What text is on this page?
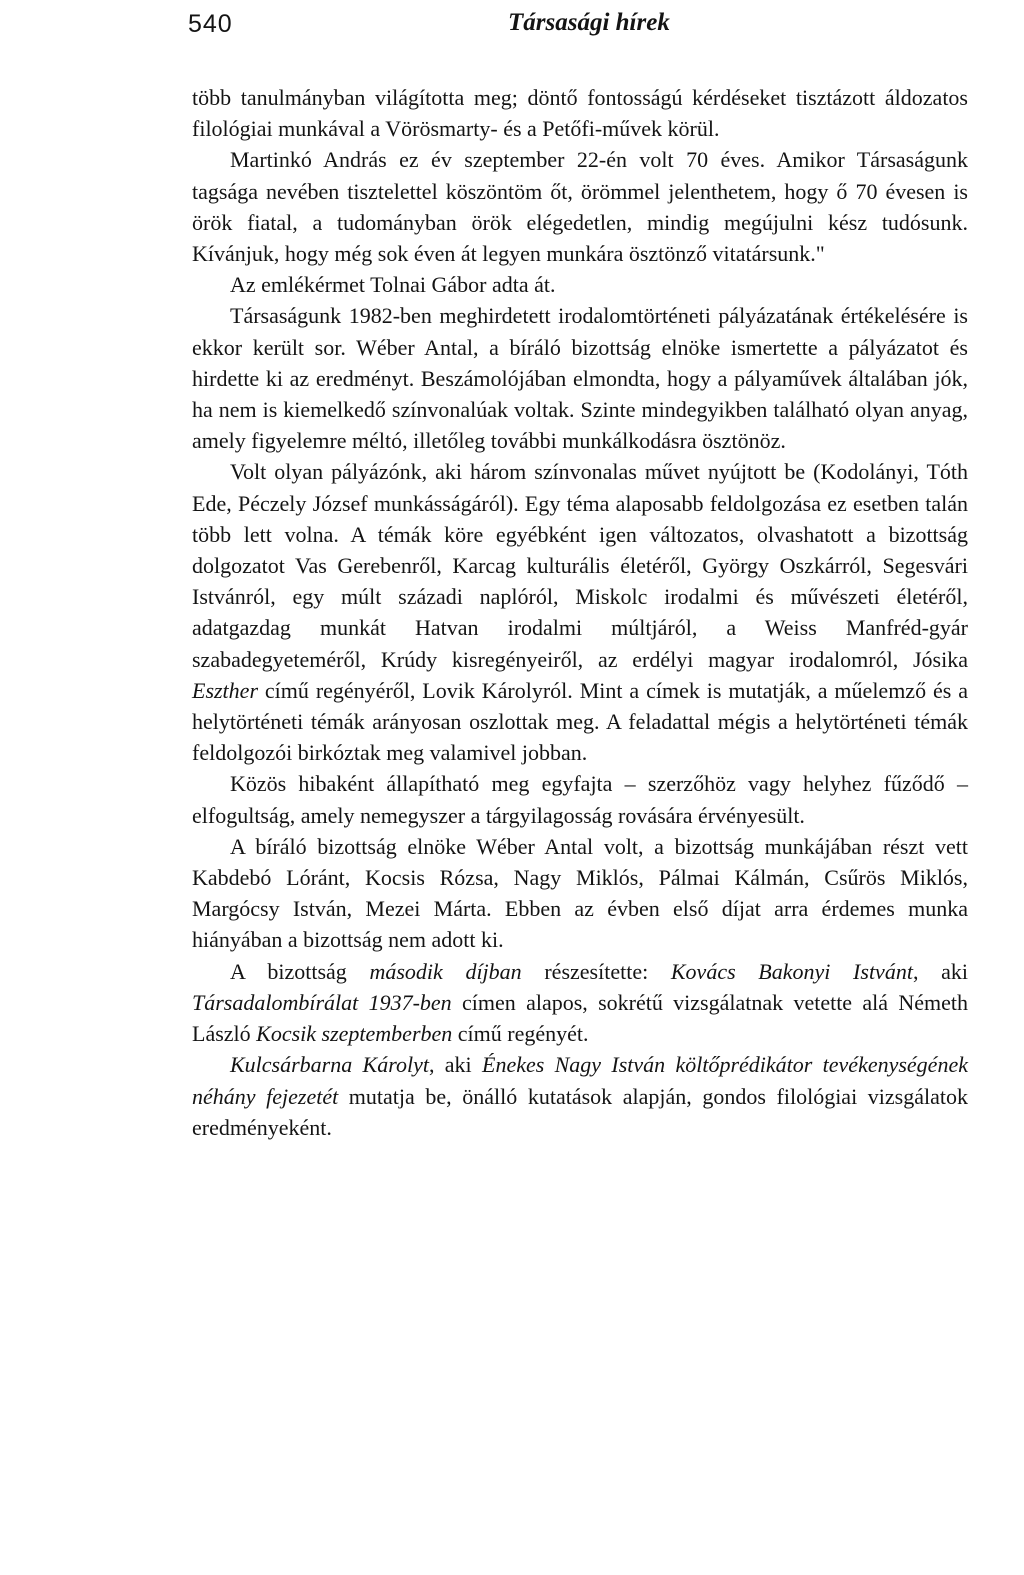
540	Társasági hírek

több tanulmányban világította meg; döntő fontosságú kérdéseket tisztázott áldozatos filológiai munkával a Vörösmarty- és a Petőfi-művek körül.

Martinkó András ez év szeptember 22-én volt 70 éves. Amikor Társaságunk tagsága nevében tisztelettel köszöntöm őt, örömmel jelenthetem, hogy ő 70 évesen is örök fiatal, a tudományban örök elégedetlen, mindig megújulni kész tudósunk. Kívánjuk, hogy még sok éven át legyen munkára ösztönző vitatársunk."

Az emlékérmet Tolnai Gábor adta át.

Társaságunk 1982-ben meghirdetett irodalomtörténeti pályázatának értékelésére is ekkor került sor. Wéber Antal, a bíráló bizottság elnöke ismertette a pályázatot és hirdette ki az eredményt. Beszámolójában elmondta, hogy a pályaművek általában jók, ha nem is kiemelkedő színvonalúak voltak. Szinte mindegyikben található olyan anyag, amely figyelemre méltó, illetőleg további munkálkodásra ösztönöz.

Volt olyan pályázónk, aki három színvonalas művet nyújtott be (Kodolányi, Tóth Ede, Péczely József munkásságáról). Egy téma alaposabb feldolgozása ez esetben talán több lett volna. A témák köre egyébként igen változatos, olvashatott a bizottság dolgozatot Vas Gerebenről, Karcag kulturális életéről, György Oszkárról, Segesvári Istvánról, egy múlt századi naplóról, Miskolc irodalmi és művészeti életéről, adatgazdag munkát Hatvan irodalmi múltjáról, a Weiss Manfréd-gyár szabadegyeteméről, Krúdy kisregényeiről, az erdélyi magyar irodalomról, Jósika Eszther című regényéről, Lovik Károlyról. Mint a címek is mutatják, a műelemző és a helytörténeti témák arányosan oszlottak meg. A feladattal mégis a helytörténeti témák feldolgozói birkóztak meg valamivel jobban.

Közös hibaként állapítható meg egyfajta – szerzőhöz vagy helyhez fűződő – elfogultság, amely nemegyszer a tárgyilagosság rovására érvényesült.

A bíráló bizottság elnöke Wéber Antal volt, a bizottság munkájában részt vett Kabdebó Lóránt, Kocsis Rózsa, Nagy Miklós, Pálmai Kálmán, Csűrös Miklós, Margócsy István, Mezei Márta. Ebben az évben első díjat arra érdemes munka hiányában a bizottság nem adott ki.

A bizottság második díjban részesítette: Kovács Bakonyi Istvánt, aki Társadalombírálat 1937-ben címen alapos, sokrétű vizsgálatnak vetette alá Németh László Kocsik szeptemberben című regényét.

Kulcsárbarna Károlyt, aki Énekes Nagy István költőprédikátor tevékenységének néhány fejezetét mutatja be, önálló kutatások alapján, gondos filológiai vizsgálatok eredményeként.
